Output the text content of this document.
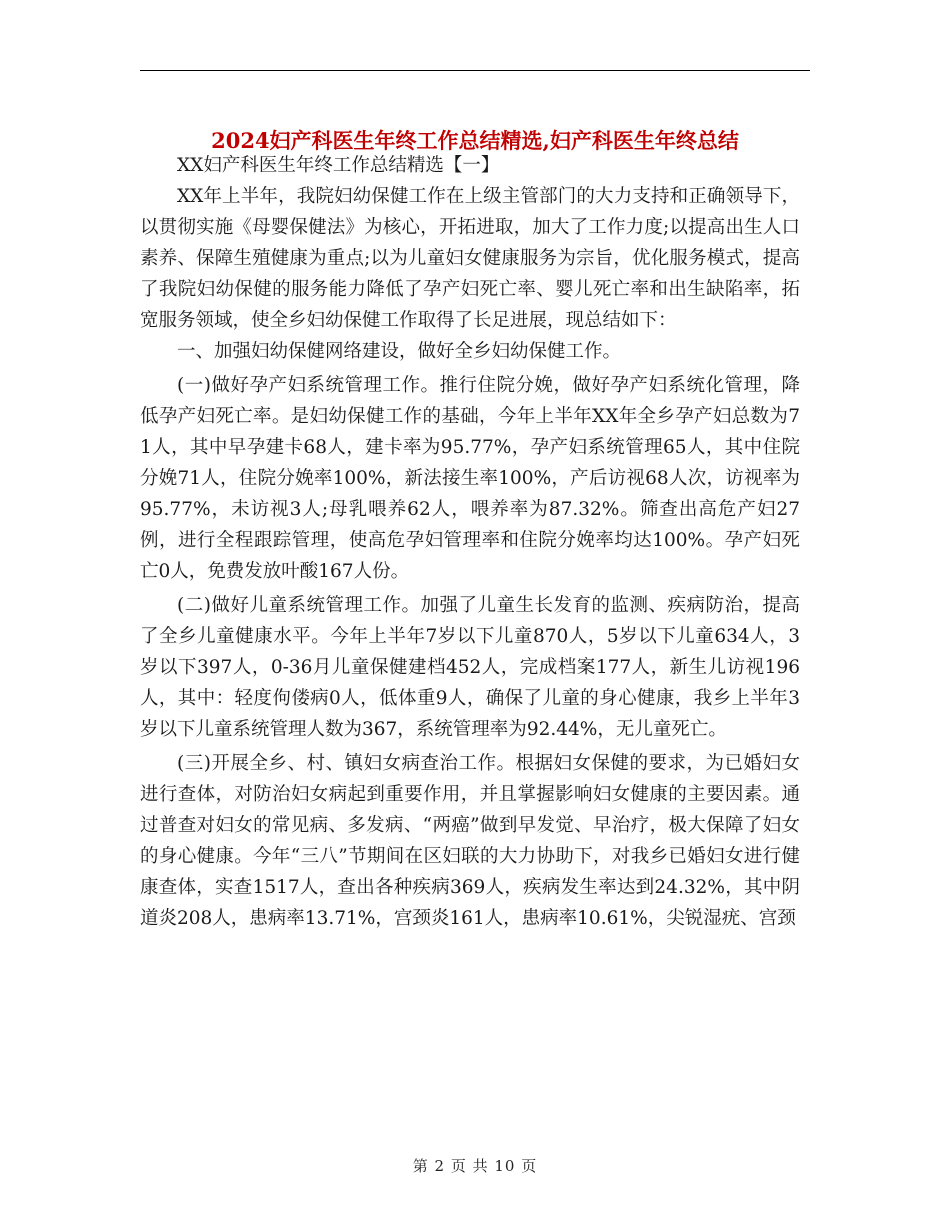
2024妇产科医生年终工作总结精选,妇产科医生年终总结

XX妇产科医生年终工作总结精选【一】

XX年上半年，我院妇幼保健工作在上级主管部门的大力支持和正确领导下，以贯彻实施《母婴保健法》为核心，开拓进取，加大了工作力度;以提高出生人口素养、保障生殖健康为重点;以为儿童妇女健康服务为宗旨，优化服务模式，提高了我院妇幼保健的服务能力降低了孕产妇死亡率、婴儿死亡率和出生缺陷率，拓宽服务领域，使全乡妇幼保健工作取得了长足进展，现总结如下：

一、加强妇幼保健网络建设，做好全乡妇幼保健工作。

(一)做好孕产妇系统管理工作。推行住院分娩，做好孕产妇系统化管理，降低孕产妇死亡率。是妇幼保健工作的基础，今年上半年XX年全乡孕产妇总数为71人，其中早孕建卡68人，建卡率为95.77%，孕产妇系统管理65人，其中住院分娩71人，住院分娩率100%，新法接生率100%，产后访视68人次，访视率为95.77%，未访视3人;母乳喂养62人，喂养率为87.32%。筛查出高危产妇27例，进行全程跟踪管理，使高危孕妇管理率和住院分娩率均达100%。孕产妇死亡0人，免费发放叶酸167人份。

(二)做好儿童系统管理工作。加强了儿童生长发育的监测、疾病防治，提高了全乡儿童健康水平。今年上半年7岁以下儿童870人，5岁以下儿童634人，3岁以下397人，0-36月儿童保健建档452人，完成档案177人，新生儿访视196人，其中：轻度佝偻病0人，低体重9人，确保了儿童的身心健康，我乡上半年3岁以下儿童系统管理人数为367，系统管理率为92.44%，无儿童死亡。

(三)开展全乡、村、镇妇女病查治工作。根据妇女保健的要求，为已婚妇女进行查体，对防治妇女病起到重要作用，并且掌握影响妇女健康的主要因素。通过普查对妇女的常见病、多发病、“两癌”做到早发觉、早治疗，极大保障了妇女的身心健康。今年“三八”节期间在区妇联的大力协助下，对我乡已婚妇女进行健康查体，实查1517人，查出各种疾病369人，疾病发生率达到24.32%，其中阴道炎208人，患病率13.71%，宫颈炎161人，患病率10.61%，尖锐湿疣、宫颈

第 2 页 共 10 页
